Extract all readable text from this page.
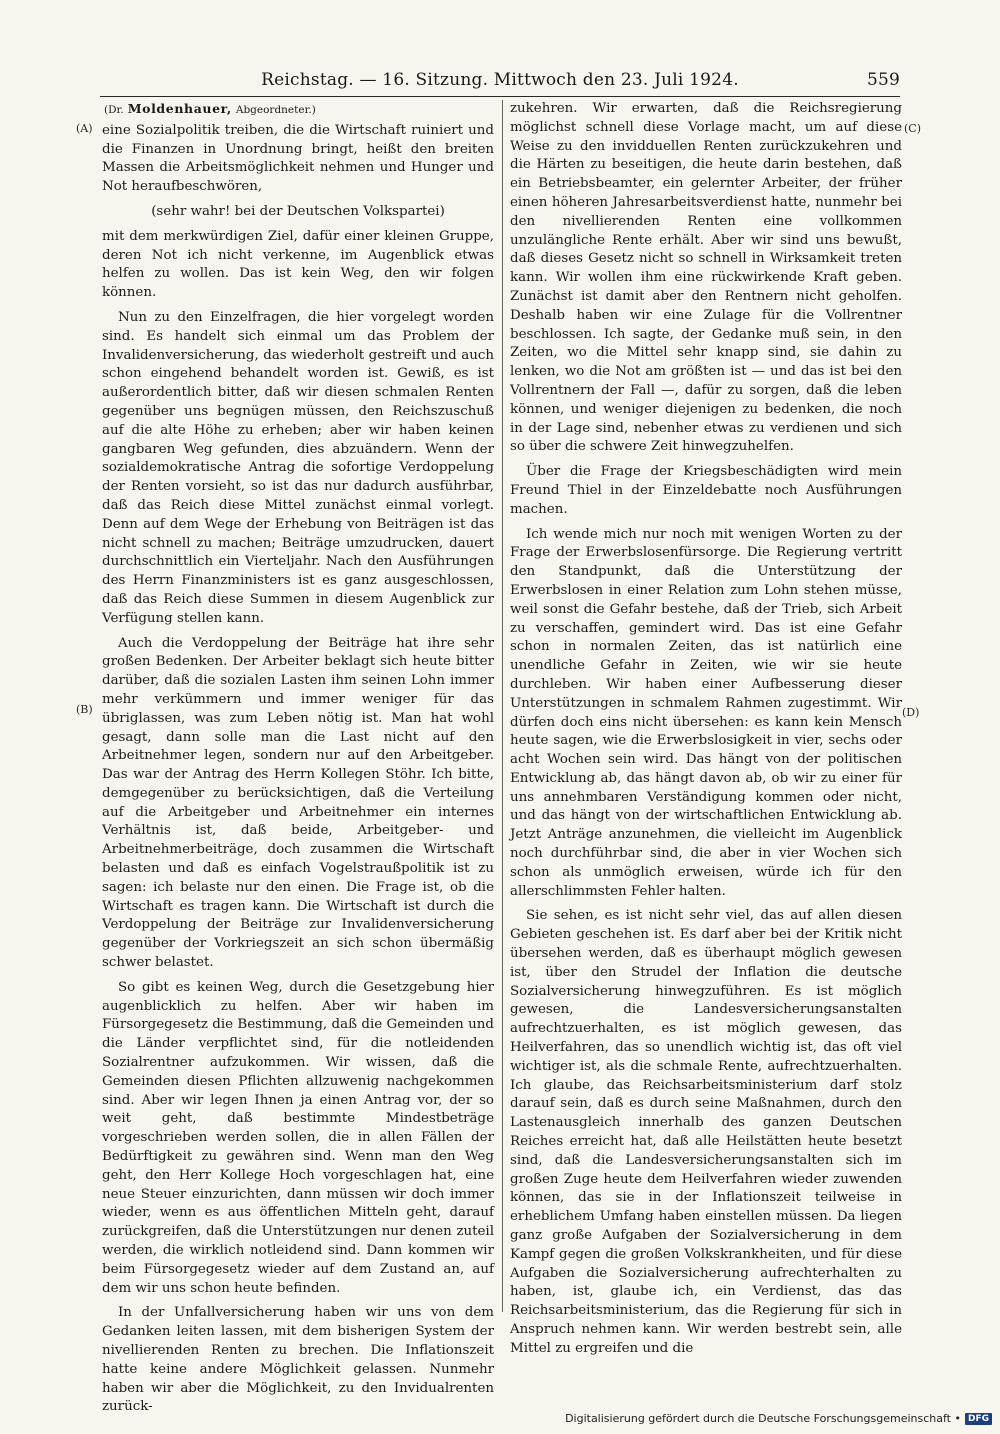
Reichstag. — 16. Sitzung. Mittwoch den 23. Juli 1924.	559
(A)
(B)
(C)
(D)
(Dr. Moldenhauer, Abgeordneter.)

eine Sozialpolitik treiben, die die Wirtschaft ruiniert und die Finanzen in Unordnung bringt, heißt den breiten Massen die Arbeitsmöglichkeit nehmen und Hunger und Not heraufbeschwören,

(sehr wahr! bei der Deutschen Volkspartei)

mit dem merkwürdigen Ziel, dafür einer kleinen Gruppe, deren Not ich nicht verkenne, im Augenblick etwas helfen zu wollen. Das ist kein Weg, den wir folgen können.

Nun zu den Einzelfragen, die hier vorgelegt worden sind. Es handelt sich einmal um das Problem der Invalidenversicherung, das wiederholt gestreift und auch schon eingehend behandelt worden ist. Gewiß, es ist außerordentlich bitter, daß wir diesen schmalen Renten gegenüber uns begnügen müssen, den Reichszuschuß auf die alte Höhe zu erheben; aber wir haben keinen gangbaren Weg gefunden, dies abzuändern. Wenn der sozialdemokratische Antrag die sofortige Verdoppelung der Renten vorsieht, so ist das nur dadurch ausführbar, daß das Reich diese Mittel zunächst einmal vorlegt. Denn auf dem Wege der Erhebung von Beiträgen ist das nicht schnell zu machen; Beiträge umzudrucken, dauert durchschnittlich ein Vierteljahr. Nach den Ausführungen des Herrn Finanzministers ist es ganz ausgeschlossen, daß das Reich diese Summen in diesem Augenblick zur Verfügung stellen kann.

Auch die Verdoppelung der Beiträge hat ihre sehr großen Bedenken. Der Arbeiter beklagt sich heute bitter darüber, daß die sozialen Lasten ihm seinen Lohn immer mehr verkümmern und immer weniger für das übriglassen, was zum Leben nötig ist. Man hat wohl gesagt, dann solle man die Last nicht auf den Arbeitnehmer legen, sondern nur auf den Arbeitgeber. Das war der Antrag des Herrn Kollegen Stöhr. Ich bitte, demgegenüber zu berücksichtigen, daß die Verteilung auf die Arbeitgeber und Arbeitnehmer ein internes Verhältnis ist, daß beide, Arbeitgeber- und Arbeitnehmerbeiträge, doch zusammen die Wirtschaft belasten und daß es einfach Vogelstraußpolitik ist zu sagen: ich belaste nur den einen. Die Frage ist, ob die Wirtschaft es tragen kann. Die Wirtschaft ist durch die Verdoppelung der Beiträge zur Invalidenversicherung gegenüber der Vorkriegszeit an sich schon übermäßig schwer belastet.

So gibt es keinen Weg, durch die Gesetzgebung hier augenblicklich zu helfen. Aber wir haben im Fürsorgegesetz die Bestimmung, daß die Gemeinden und die Länder verpflichtet sind, für die notleidenden Sozialrentner aufzukommen. Wir wissen, daß die Gemeinden diesen Pflichten allzuwenig nachgekommen sind. Aber wir legen Ihnen ja einen Antrag vor, der so weit geht, daß bestimmte Mindestbeträge vorgeschrieben werden sollen, die in allen Fällen der Bedürftigkeit zu gewähren sind. Wenn man den Weg geht, den Herr Kollege Hoch vorgeschlagen hat, eine neue Steuer einzurichten, dann müssen wir doch immer wieder, wenn es aus öffentlichen Mitteln geht, darauf zurückgreifen, daß die Unterstützungen nur denen zuteil werden, die wirklich notleidend sind. Dann kommen wir beim Fürsorgegesetz wieder auf dem Zustand an, auf dem wir uns schon heute befinden.

In der Unfallversicherung haben wir uns von dem Gedanken leiten lassen, mit dem bisherigen System der nivellierenden Renten zu brechen. Die Inflationszeit hatte keine andere Möglichkeit gelassen. Nunmehr haben wir aber die Möglichkeit, zu den Invidualrenten zurück-

zukehren. Wir erwarten, daß die Reichsregierung möglichst schnell diese Vorlage macht, um auf diese Weise zu den invidduellen Renten zurückzukehren und die Härten zu beseitigen, die heute darin bestehen, daß ein Betriebsbeamter, ein gelernter Arbeiter, der früher einen höheren Jahresarbeitsverdienst hatte, nunmehr bei den nivellierenden Renten eine vollkommen unzulängliche Rente erhält. Aber wir sind uns bewußt, daß dieses Gesetz nicht so schnell in Wirksamkeit treten kann. Wir wollen ihm eine rückwirkende Kraft geben. Zunächst ist damit aber den Rentnern nicht geholfen. Deshalb haben wir eine Zulage für die Vollrentner beschlossen. Ich sagte, der Gedanke muß sein, in den Zeiten, wo die Mittel sehr knapp sind, sie dahin zu lenken, wo die Not am größten ist — und das ist bei den Vollrentnern der Fall —, dafür zu sorgen, daß die leben können, und weniger diejenigen zu bedenken, die noch in der Lage sind, nebenher etwas zu verdienen und sich so über die schwere Zeit hinwegzuhelfen.

Über die Frage der Kriegsbeschädigten wird mein Freund Thiel in der Einzeldebatte noch Ausführungen machen.

Ich wende mich nur noch mit wenigen Worten zu der Frage der Erwerbslosenfürsorge. Die Regierung vertritt den Standpunkt, daß die Unterstützung der Erwerbslosen in einer Relation zum Lohn stehen müsse, weil sonst die Gefahr bestehe, daß der Trieb, sich Arbeit zu verschaffen, gemindert wird. Das ist eine Gefahr schon in normalen Zeiten, das ist natürlich eine unendliche Gefahr in Zeiten, wie wir sie heute durchleben. Wir haben einer Aufbesserung dieser Unterstützungen in schmalem Rahmen zugestimmt. Wir dürfen doch eins nicht übersehen: es kann kein Mensch heute sagen, wie die Erwerbslosigkeit in vier, sechs oder acht Wochen sein wird. Das hängt von der politischen Entwicklung ab, das hängt davon ab, ob wir zu einer für uns annehmbaren Verständigung kommen oder nicht, und das hängt von der wirtschaftlichen Entwicklung ab. Jetzt Anträge anzunehmen, die vielleicht im Augenblick noch durchführbar sind, die aber in vier Wochen sich schon als unmöglich erweisen, würde ich für den allerschlimmsten Fehler halten.

Sie sehen, es ist nicht sehr viel, das auf allen diesen Gebieten geschehen ist. Es darf aber bei der Kritik nicht übersehen werden, daß es überhaupt möglich gewesen ist, über den Strudel der Inflation die deutsche Sozialversicherung hinwegzuführen. Es ist möglich gewesen, die Landesversicherungsanstalten aufrechtzuerhalten, es ist möglich gewesen, das Heilverfahren, das so unendlich wichtig ist, das oft viel wichtiger ist, als die schmale Rente, aufrechtzuerhalten. Ich glaube, das Reichsarbeitsministerium darf stolz darauf sein, daß es durch seine Maßnahmen, durch den Lastenausgleich innerhalb des ganzen Deutschen Reiches erreicht hat, daß alle Heilstätten heute besetzt sind, daß die Landesversicherungsanstalten sich im großen Zuge heute dem Heilverfahren wieder zuwenden können, das sie in der Inflationszeit teilweise in erheblichem Umfang haben einstellen müssen. Da liegen ganz große Aufgaben der Sozialversicherung in dem Kampf gegen die großen Volkskrankheiten, und für diese Aufgaben die Sozialversicherung aufrechterhalten zu haben, ist, glaube ich, ein Verdienst, das das Reichsarbeitsministerium, das die Regierung für sich in Anspruch nehmen kann. Wir werden bestrebt sein, alle Mittel zu ergreifen und die

Digitalisierung gefördert durch die Deutsche Forschungsgemeinschaft • DFG
